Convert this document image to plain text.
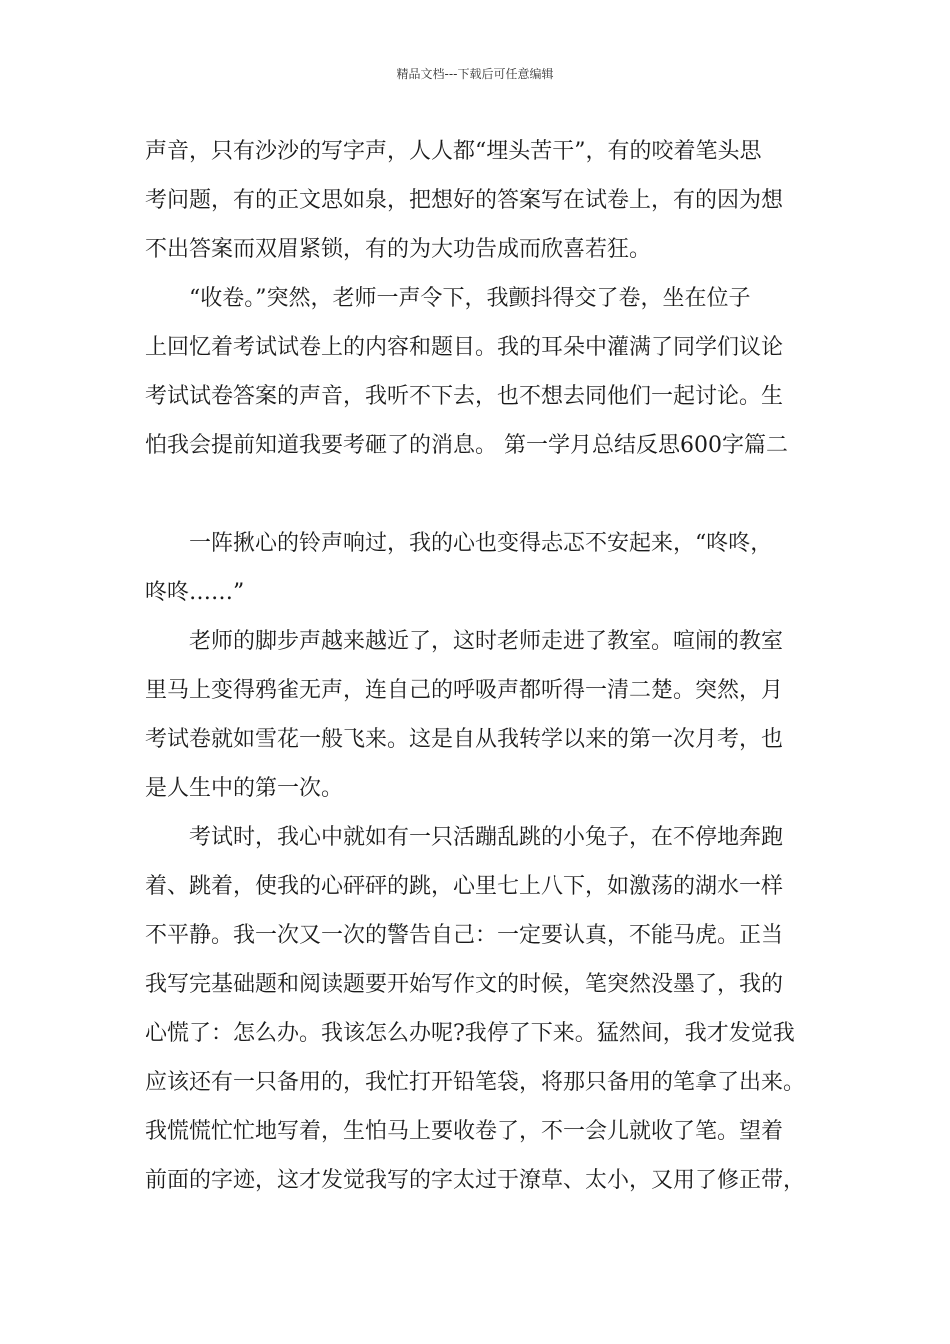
精品文档---下载后可任意编辑
声音，只有沙沙的写字声，人人都“埋头苦干”，有的咬着笔头思
考问题，有的正文思如泉，把想好的答案写在试卷上，有的因为想
不出答案而双眉紧锁，有的为大功告成而欣喜若狂。
“收卷。”突然，老师一声令下，我颤抖得交了卷，坐在位子
上回忆着考试试卷上的内容和题目。我的耳朵中灌满了同学们议论
考试试卷答案的声音，我听不下去，也不想去同他们一起讨论。生
怕我会提前知道我要考砸了的消息。 第一学月总结反思600字篇二
一阵揪心的铃声响过，我的心也变得忐忑不安起来，“咚咚，
咚咚……”
老师的脚步声越来越近了，这时老师走进了教室。喧闹的教室
里马上变得鸦雀无声，连自己的呼吸声都听得一清二楚。突然，月
考试卷就如雪花一般飞来。这是自从我转学以来的第一次月考，也
是人生中的第一次。
考试时，我心中就如有一只活蹦乱跳的小兔子，在不停地奔跑
着、跳着，使我的心砰砰的跳，心里七上八下，如激荡的湖水一样
不平静。我一次又一次的警告自己：一定要认真，不能马虎。正当
我写完基础题和阅读题要开始写作文的时候，笔突然没墨了，我的
心慌了：怎么办。我该怎么办呢?我停了下来。猛然间，我才发觉我
应该还有一只备用的，我忙打开铅笔袋，将那只备用的笔拿了出来。
我慌慌忙忙地写着，生怕马上要收卷了，不一会儿就收了笔。望着
前面的字迹，这才发觉我写的字太过于潦草、太小，又用了修正带，
